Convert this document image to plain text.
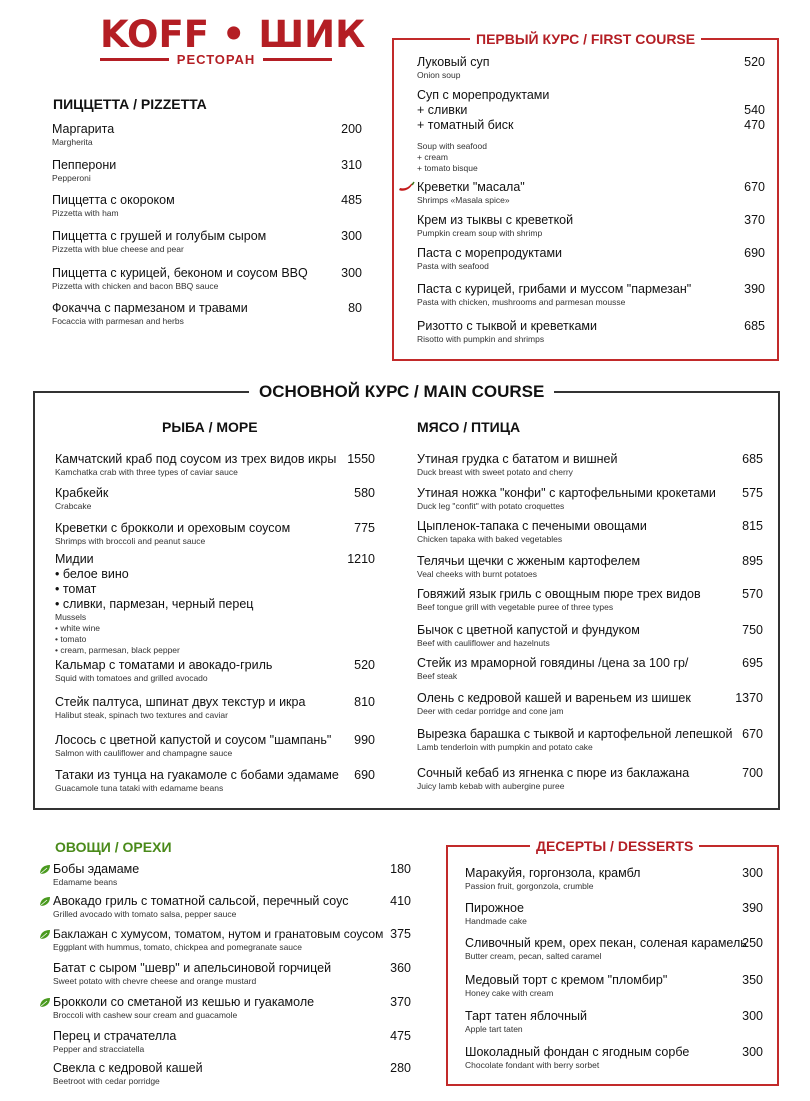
KOFF • ШИК
РЕСТОРАН
ПИЦЦЕТТА / PIZZETTA
Маргарита
Margherita
200
Пепперони
Pepperoni
310
Пиццетта с окороком
Pizzetta with ham
485
Пиццетта с грушей и голубым сыром
Pizzetta with blue cheese and pear
300
Пиццетта с курицей, беконом и соусом BBQ
Pizzetta with chicken and bacon BBQ sauce
300
Фокачча с пармезаном и травами
Focaccia with parmesan and herbs
80
ПЕРВЫЙ КУРС / FIRST COURSE
Луковый суп
Onion soup
520
Суп с морепродуктами
+ сливки
+ томатный биск
540
470
Soup with seafood
+ cream
+ tomato bisque
Креветки "масала"
Shrimps «Masala spice»
670
Крем из тыквы с креветкой
Pumpkin cream soup with shrimp
370
Паста с морепродуктами
Pasta with seafood
690
Паста с курицей, грибами и муссом "пармезан"
Pasta with chicken, mushrooms and parmesan mousse
390
Ризотто с тыквой и креветками
Risotto with pumpkin and shrimps
685
ОСНОВНОЙ КУРС / MAIN COURSE
РЫБА / МОРЕ	МЯСО / ПТИЦА
Камчатский краб под соусом из трех видов икры
Kamchatka crab with three types of caviar sauce
1550
Крабкейк
Crabcake
580
Креветки с брокколи и ореховым соусом
Shrimps with broccoli and peanut sauce
775
Мидии
• белое вино
• томат
• сливки, пармезан, черный перец
Mussels
• white wine
• tomato
• cream, parmesan, black pepper
1210
Кальмар с томатами и авокадо-гриль
Squid with tomatoes and grilled avocado
520
Стейк палтуса, шпинат двух текстур и икра
Halibut steak, spinach two textures and caviar
810
Лосось с цветной капустой и соусом "шампань"
Salmon with cauliflower and champagne sauce
990
Татаки из тунца на гуакамоле с бобами эдамаме
Guacamole tuna tataki with edamame beans
690
Утиная грудка с бататом и вишней
Duck breast with sweet potato and cherry
685
Утиная ножка "конфи" с картофельными крокетами
Duck leg "confit" with potato croquettes
575
Цыпленок-тапака с печеными овощами
Chicken tapaka with baked vegetables
815
Телячьи щечки с жженым картофелем
Veal cheeks with burnt potatoes
895
Говяжий язык гриль с овощным пюре трех видов
Beef tongue grill with vegetable puree of three types
570
Бычок с цветной капустой и фундуком
Beef with cauliflower and hazelnuts
750
Стейк из мраморной говядины /цена за 100 гр/
Beef steak
695
Олень с кедровой кашей и вареньем из шишек
Deer with cedar porridge and cone jam
1370
Вырезка барашка с тыквой и картофельной лепешкой
Lamb tenderloin with pumpkin and potato cake
670
Сочный кебаб из ягненка с пюре из баклажана
Juicy lamb kebab with aubergine puree
700
ОВОЩИ / ОРЕХИ
Бобы эдамаме
Edamame beans
180
Авокадо гриль с томатной сальсой, перечный соус
Grilled avocado with tomato salsa, pepper sauce
410
Баклажан с хумусом, томатом, нутом и гранатовым соусом
Eggplant with hummus, tomato, chickpea and pomegranate sauce
375
Батат с сыром "шевр" и апельсиновой горчицей
Sweet potato with chevre cheese and orange mustard
360
Брокколи со сметаной из кешью и гуакамоле
Broccoli with cashew sour cream and guacamole
370
Перец и страчателла
Pepper and stracciatella
475
Свекла с кедровой кашей
Beetroot with cedar porridge
280
ДЕСЕРТЫ / DESSERTS
Маракуйя, горгонзола, крамбл
Passion fruit, gorgonzola, crumble
300
Пирожное
Handmade cake
390
Сливочный крем, орех пекан, соленая карамель
Butter cream, pecan, salted caramel
250
Медовый торт с кремом "пломбир"
Honey cake with cream
350
Тарт татен яблочный
Apple tart taten
300
Шоколадный фондан с ягодным сорбе
Chocolate fondant with berry sorbet
300
